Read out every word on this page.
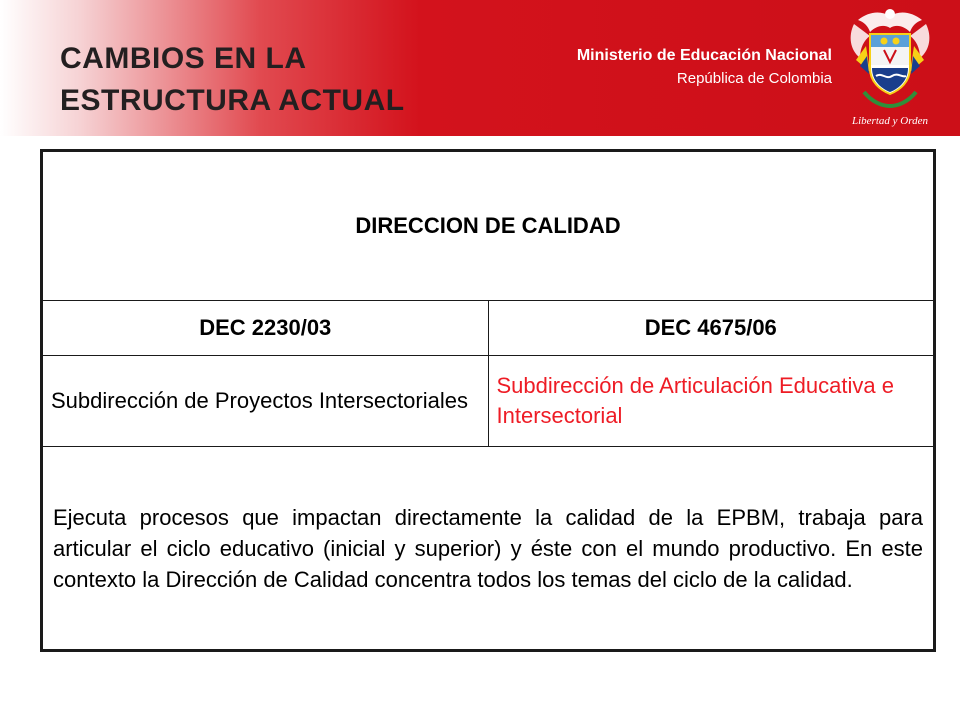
CAMBIOS EN LA
ESTRUCTURA ACTUAL
Ministerio de Educación Nacional
República de Colombia
Libertad y Orden
DIRECCION DE CALIDAD	
DEC 2230/03	DEC 4675/06
Subdirección de Proyectos Intersectoriales	Subdirección de Articulación Educativa e Intersectorial
Ejecuta procesos que impactan directamente la calidad de la EPBM, trabaja para articular el ciclo educativo (inicial y superior) y éste con el mundo productivo. En este contexto la Dirección de Calidad concentra todos los temas del ciclo de la calidad.	
